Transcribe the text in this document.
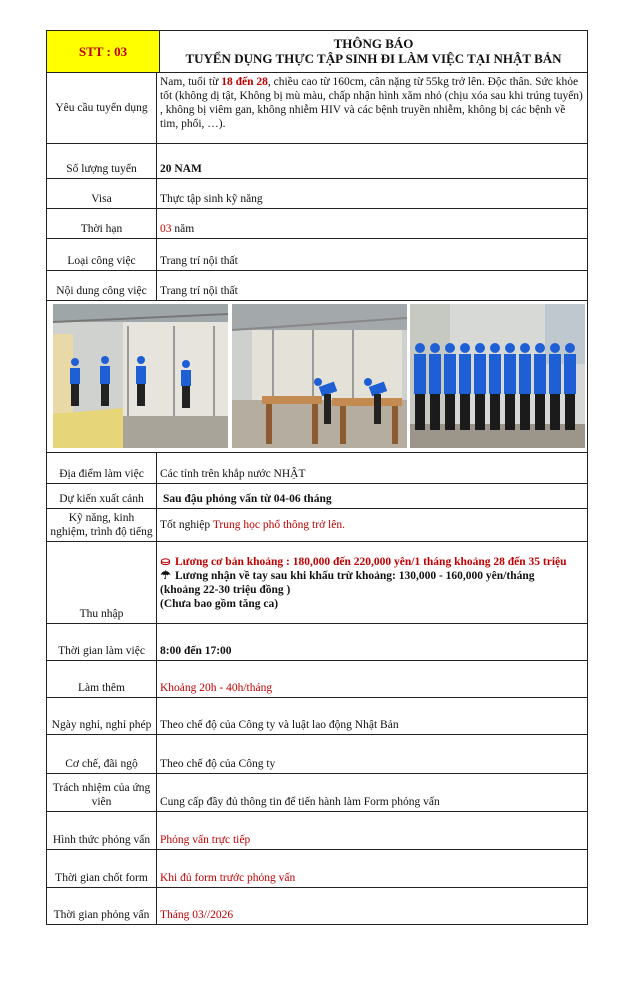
STT : 03	THÔNG BÁO
TUYỂN DỤNG THỰC TẬP SINH ĐI LÀM VIỆC TẠI NHẬT BẢN
Yêu cầu tuyển dụng	Nam, tuổi từ 18 đến 28, chiều cao từ 160cm, cân nặng từ 55kg trở lên. Độc thân. Sức khỏe tốt (không dị tật, Không bị mù màu, chấp nhận hình xăm nhỏ (chịu xóa sau khi trúng tuyển) , không bị viêm gan, không nhiễm HIV và các bệnh truyền nhiễm, không bị các bệnh về tim, phổi, …).
Số lượng tuyển	20 NAM
Visa	Thực tập sinh kỹ năng
Thời hạn	03 năm
Loại công việc	Trang trí nội thất
Nội dung công việc	Trang trí nội thất

Địa điểm làm việc	Các tỉnh trên khắp nước NHẬT
Dự kiến xuất cảnh	Sau đậu phỏng vấn từ 04-06 tháng
Kỹ năng, kinh nghiệm, trình độ tiếng	Tốt nghiệp Trung học phổ thông trở lên.
Thu nhập	⛀ Lương cơ bản khoảng : 180,000 đến 220,000 yên/1 tháng khoảng 28 đến 35 triệu
☂ Lương nhận về tay sau khi khấu trừ khoảng: 130,000 - 160,000 yên/tháng
(khoảng 22-30 triệu đồng )
(Chưa bao gồm tăng ca)

Thời gian làm việc	8:00 đến 17:00
Làm thêm	Khoảng 20h - 40h/tháng
Ngày nghỉ, nghỉ phép	Theo chế độ của Công ty và luật lao động Nhật Bản
Cơ chế, đãi ngộ	Theo chế độ của Công ty
Trách nhiệm của ứng viên	Cung cấp đầy đủ thông tin để tiến hành làm Form phỏng vấn
Hình thức phỏng vấn	Phỏng vấn trực tiếp
Thời gian chốt form	Khi đủ form trước phỏng vấn
Thời gian phỏng vấn	Tháng 03//2026
